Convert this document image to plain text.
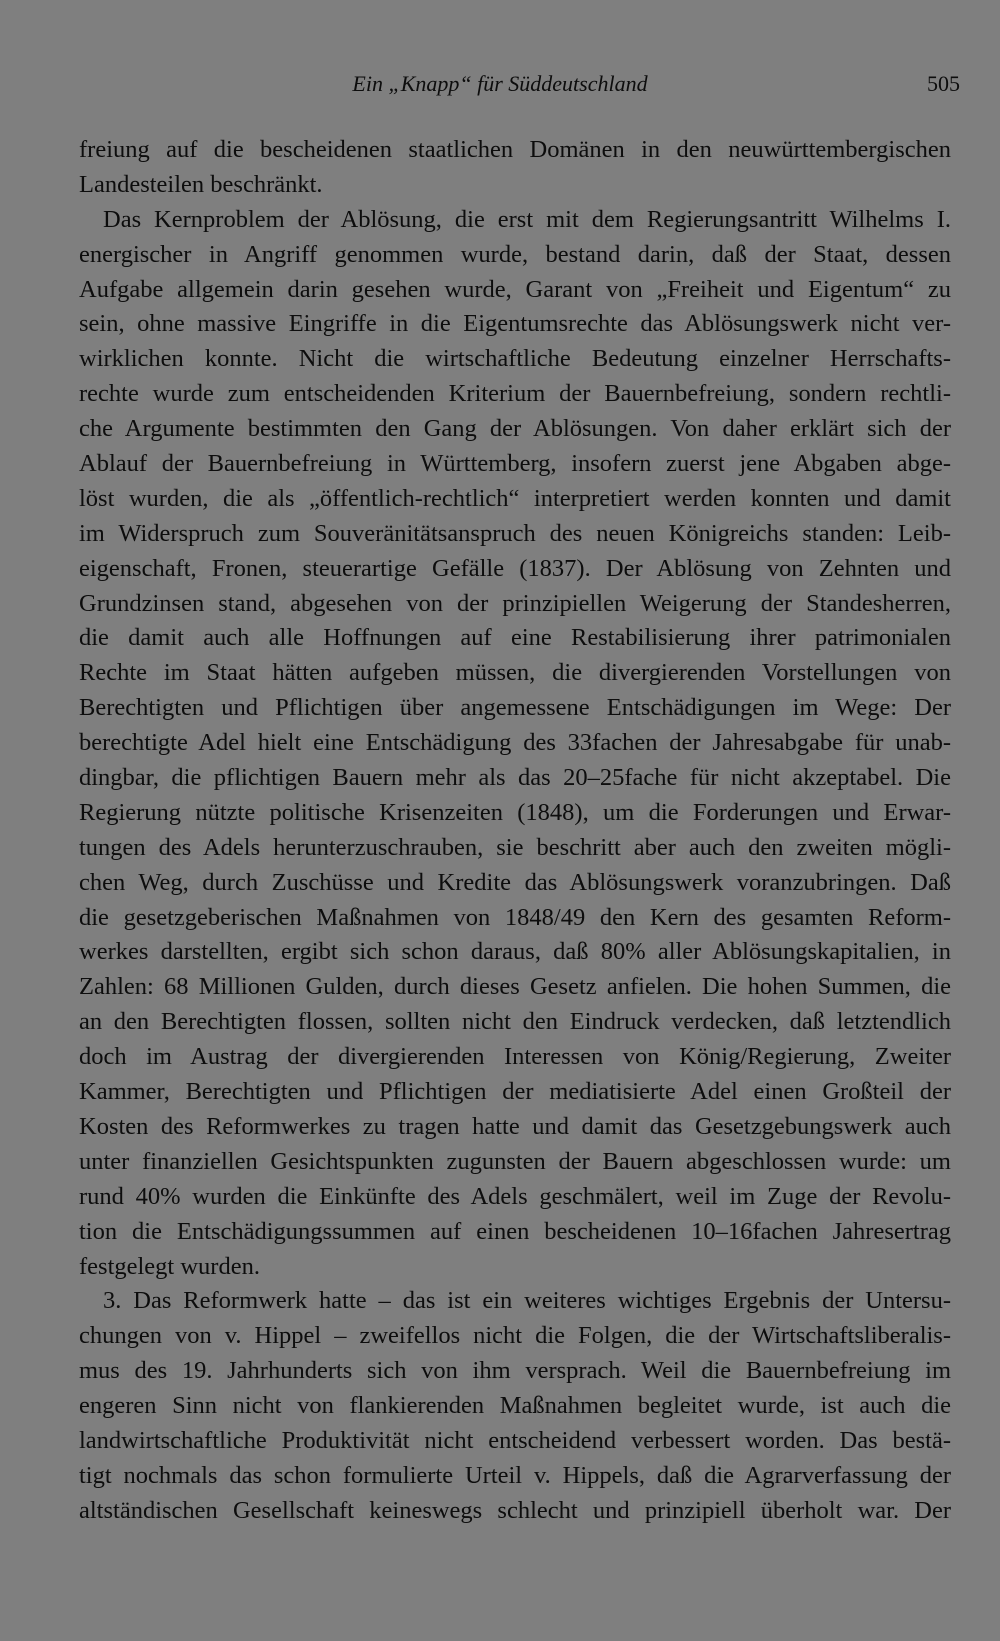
Ein „Knapp“ für Süddeutschland	505
freiung auf die bescheidenen staatlichen Domänen in den neuwürttembergischen
Landesteilen beschränkt.
Das Kernproblem der Ablösung, die erst mit dem Regierungsantritt Wilhelms I.
energischer in Angriff genommen wurde, bestand darin, daß der Staat, dessen
Aufgabe allgemein darin gesehen wurde, Garant von „Freiheit und Eigentum“ zu
sein, ohne massive Eingriffe in die Eigentumsrechte das Ablösungswerk nicht ver-
wirklichen konnte. Nicht die wirtschaftliche Bedeutung einzelner Herrschafts-
rechte wurde zum entscheidenden Kriterium der Bauernbefreiung, sondern rechtli-
che Argumente bestimmten den Gang der Ablösungen. Von daher erklärt sich der
Ablauf der Bauernbefreiung in Württemberg, insofern zuerst jene Abgaben abge-
löst wurden, die als „öffentlich-rechtlich“ interpretiert werden konnten und damit
im Widerspruch zum Souveränitätsanspruch des neuen Königreichs standen: Leib-
eigenschaft, Fronen, steuerartige Gefälle (1837). Der Ablösung von Zehnten und
Grundzinsen stand, abgesehen von der prinzipiellen Weigerung der Standesherren,
die damit auch alle Hoffnungen auf eine Restabilisierung ihrer patrimonialen
Rechte im Staat hätten aufgeben müssen, die divergierenden Vorstellungen von
Berechtigten und Pflichtigen über angemessene Entschädigungen im Wege: Der
berechtigte Adel hielt eine Entschädigung des 33fachen der Jahresabgabe für unab-
dingbar, die pflichtigen Bauern mehr als das 20–25fache für nicht akzeptabel. Die
Regierung nützte politische Krisenzeiten (1848), um die Forderungen und Erwar-
tungen des Adels herunterzuschrauben, sie beschritt aber auch den zweiten mögli-
chen Weg, durch Zuschüsse und Kredite das Ablösungswerk voranzubringen. Daß
die gesetzgeberischen Maßnahmen von 1848/49 den Kern des gesamten Reform-
werkes darstellten, ergibt sich schon daraus, daß 80% aller Ablösungskapitalien, in
Zahlen: 68 Millionen Gulden, durch dieses Gesetz anfielen. Die hohen Summen, die
an den Berechtigten flossen, sollten nicht den Eindruck verdecken, daß letztendlich
doch im Austrag der divergierenden Interessen von König/Regierung, Zweiter
Kammer, Berechtigten und Pflichtigen der mediatisierte Adel einen Großteil der
Kosten des Reformwerkes zu tragen hatte und damit das Gesetzgebungswerk auch
unter finanziellen Gesichtspunkten zugunsten der Bauern abgeschlossen wurde: um
rund 40% wurden die Einkünfte des Adels geschmälert, weil im Zuge der Revolu-
tion die Entschädigungssummen auf einen bescheidenen 10–16fachen Jahresertrag
festgelegt wurden.
3. Das Reformwerk hatte – das ist ein weiteres wichtiges Ergebnis der Untersu-
chungen von v. Hippel – zweifellos nicht die Folgen, die der Wirtschaftsliberalis-
mus des 19. Jahrhunderts sich von ihm versprach. Weil die Bauernbefreiung im
engeren Sinn nicht von flankierenden Maßnahmen begleitet wurde, ist auch die
landwirtschaftliche Produktivität nicht entscheidend verbessert worden. Das bestä-
tigt nochmals das schon formulierte Urteil v. Hippels, daß die Agrarverfassung der
altständischen Gesellschaft keineswegs schlecht und prinzipiell überholt war. Der
